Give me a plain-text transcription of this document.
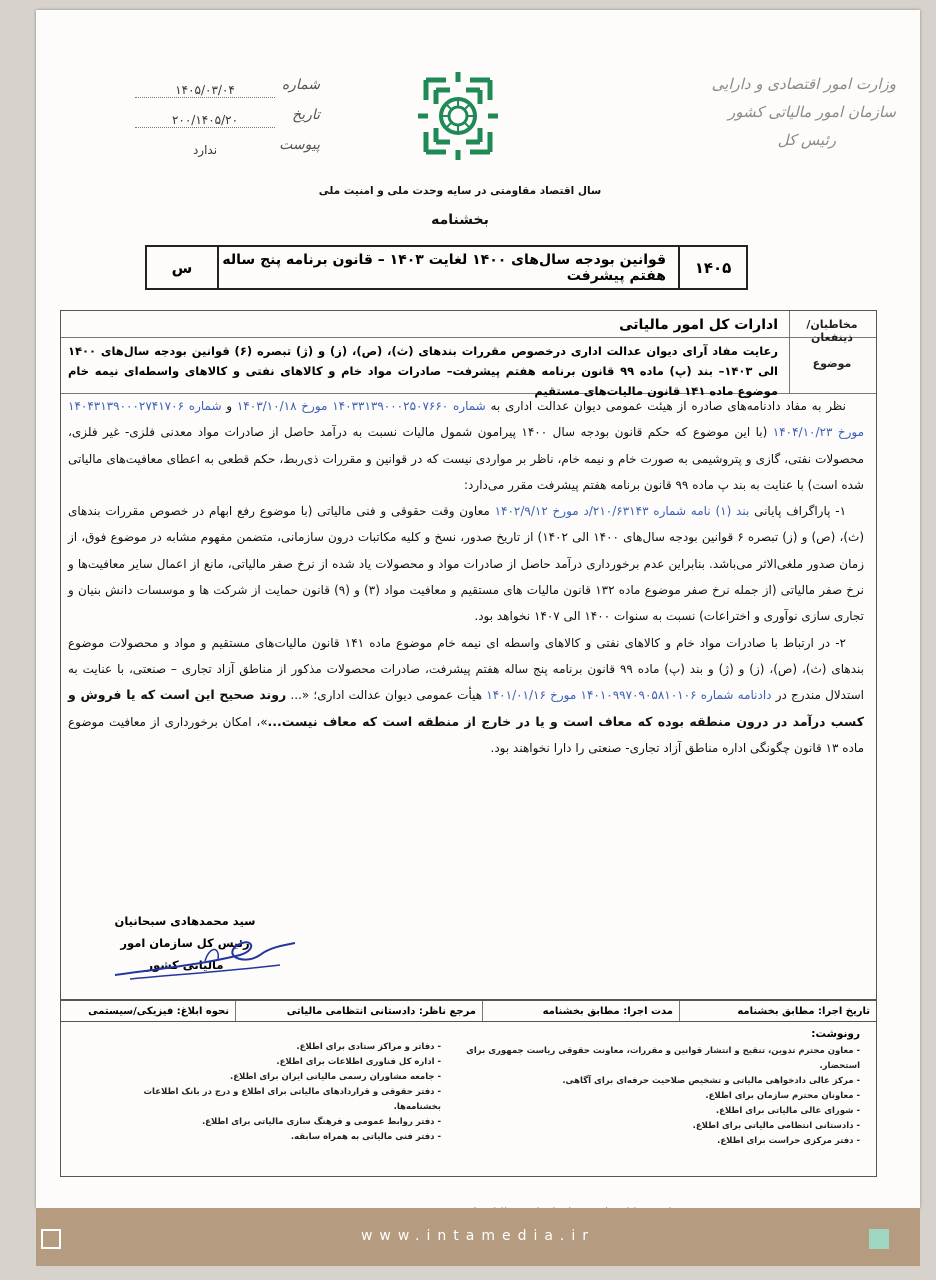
وزارت امور اقتصادی و دارایی
سازمان امور مالیاتی کشور
رئیس کل
شماره
۱۴۰۵/۰۳/۰۴
تاریخ
۲۰۰/۱۴۰۵/۲۰
پیوست
ندارد
سال اقتصاد مقاومتی در سایه وحدت ملی و امنیت ملی
بخشنامه
۱۴۰۵
قوانین بودجه سال‌های ۱۴۰۰ لغایت ۱۴۰۳ – قانون برنامه پنج ساله هفتم پیشرفت
س
مخاطبان/ذینفعان
ادارات کل امور مالیاتی
موضوع
رعایت مفاد آرای دیوان عدالت اداری درخصوص مقررات بندهای (ث)، (ص)، (ز) و (ژ) تبصره (۶) قوانین بودجه سال‌های ۱۴۰۰ الی ۱۴۰۳– بند (پ) ماده ۹۹ قانون برنامه هفتم پیشرفت– صادرات مواد خام و کالاهای نفتی و کالاهای واسطه‌ای نیمه خام موضوع ماده ۱۴۱ قانون مالیات‌های مستقیم

نظر به مفاد دادنامه‌های صادره از هیئت عمومی دیوان عدالت اداری به شماره ۱۴۰۳۳۱۳۹۰۰۰۲۵۰۷۶۶۰ مورخ ۱۴۰۳/۱۰/۱۸ و شماره ۱۴۰۴۳۱۳۹۰۰۰۲۷۴۱۷۰۶ مورخ ۱۴۰۴/۱۰/۲۳ (با این موضوع که حکم قانون بودجه سال ۱۴۰۰ پیرامون شمول مالیات نسبت به درآمد حاصل از صادرات مواد معدنی فلزی- غیر فلزی، محصولات نفتی، گازی و پتروشیمی به صورت خام و نیمه خام، ناظر بر مواردی نیست که در قوانین و مقررات ذی‌ربط، حکم قطعی به اعطای معافیت‌های مالیاتی شده است) با عنایت به بند پ ماده ۹۹ قانون برنامه هفتم پیشرفت مقرر می‌دارد:

۱- پاراگراف پایانی بند (۱) نامه شماره ۲۱۰/۶۳۱۴۳/د مورخ ۱۴۰۲/۹/۱۲ معاون وقت حقوقی و فنی مالیاتی (با موضوع رفع ابهام در خصوص مقررات بندهای (ث)، (ص) و (ز) تبصره ۶ قوانین بودجه سال‌های ۱۴۰۰ الی ۱۴۰۲) از تاریخ صدور، نسخ و کلیه مکاتبات درون سازمانی، متضمن مفهوم مشابه در موضوع فوق، از زمان صدور ملغی‌الاثر می‌باشد. بنابراین عدم برخورداری درآمد حاصل از صادرات مواد و محصولات یاد شده از نرخ صفر مالیاتی، مانع از اعمال سایر معافیت‌ها و نرخ صفر مالیاتی (از جمله نرخ صفر موضوع ماده ۱۳۲ قانون مالیات های مستقیم و معافیت مواد (۳) و (۹) قانون حمایت از شرکت ها و موسسات دانش بنیان و تجاری سازی نوآوری و اختراعات) نسبت به سنوات ۱۴۰۰ الی ۱۴۰۷ نخواهد بود.

۲- در ارتباط با صادرات مواد خام و کالاهای نفتی و کالاهای واسطه ای نیمه خام موضوع ماده ۱۴۱ قانون مالیات‌های مستقیم و مواد و محصولات موضوع بندهای (ث)، (ص)، (ز) و (ژ) و بند (پ) ماده ۹۹ قانون برنامه پنج ساله هفتم پیشرفت، صادرات محصولات مذکور از مناطق آزاد تجاری – صنعتی، با عنایت به استدلال مندرج در دادنامه شماره ۱۴۰۱۰۹۹۷۰۹۰۵۸۱۰۱۰۶ مورخ ۱۴۰۱/۰۱/۱۶ هیأت عمومی دیوان عدالت اداری؛ «... روند صحیح این است که یا فروش و کسب درآمد در درون منطقه بوده که معاف است و یا در خارج از منطقه است که معاف نیست...»، امکان برخورداری از معافیت موضوع ماده ۱۳ قانون چگونگی اداره مناطق آزاد تجاری- صنعتی را دارا نخواهند بود.

سید محمدهادی سبحانیان
رئیس کل سازمان امور مالیاتی کشور
تاریخ اجرا: مطابق بخشنامه
مدت اجرا: مطابق بخشنامه
مرجع ناظر: دادستانی انتظامی مالیاتی
نحوه ابلاغ: فیزیکی/سیستمی
رونوشت:
- معاون محترم تدوین، تنقیح و انتشار قوانین و مقررات، معاونت حقوقی ریاست جمهوری برای استحضار.
- مرکز عالی دادخواهی مالیاتی و تشخیص صلاحیت حرفه‌ای برای آگاهی.
- معاونان محترم سازمان برای اطلاع.
- شورای عالی مالیاتی برای اطلاع.
- دادستانی انتظامی مالیاتی برای اطلاع.
- دفتر مرکزی حراست برای اطلاع.
- دفاتر و مراکز ستادی برای اطلاع.
- اداره کل فناوری اطلاعات برای اطلاع.
- جامعه مشاوران رسمی مالیاتی ایران برای اطلاع.
- دفتر حقوقی و قراردادهای مالیاتی برای اطلاع و درج در بانک اطلاعات بخشنامه‌ها.
- دفتر روابط عمومی و فرهنگ سازی مالیاتی برای اطلاع.
- دفتر فنی مالیاتی به همراه سابقه.
www.intamedia.ir
